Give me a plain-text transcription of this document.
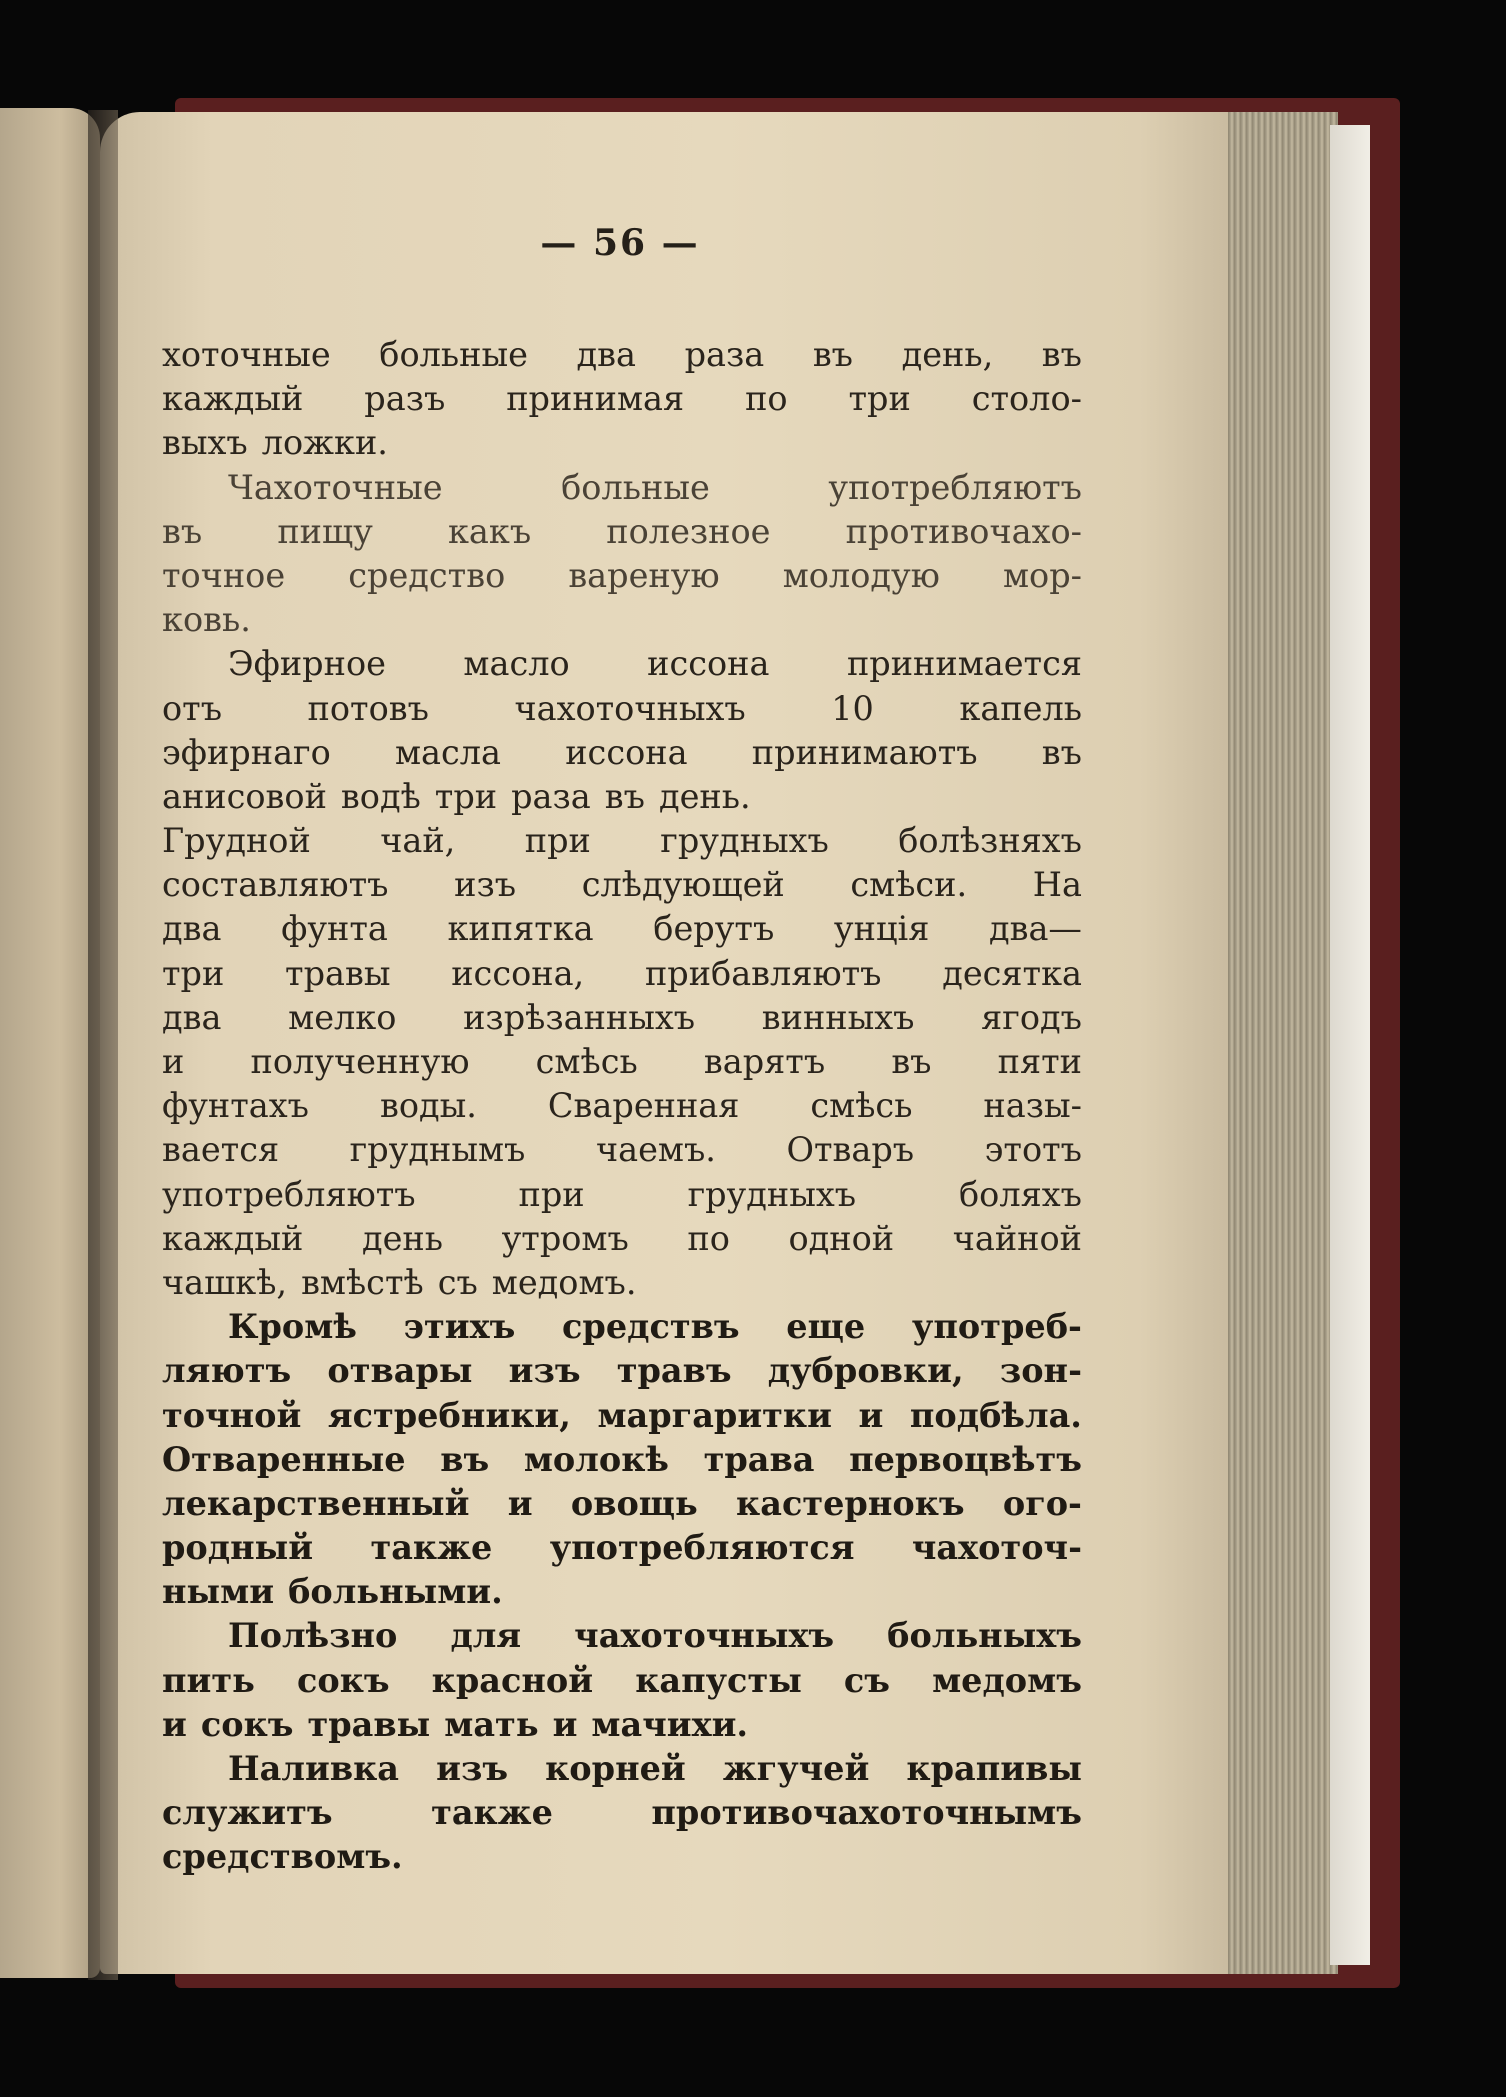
— 56 —
хоточные больные два раза въ день, въ
каждый разъ принимая по три столо-
выхъ ложки.
Чахоточные	больные	употребляютъ
въ пищу какъ полезное противочахо-
точное средство вареную молодую мор-
ковь.
Эфирное масло иссона принимается
отъ	потовъ	чахоточныхъ	10	капель
эфирнаго масла иссона принимаютъ въ
анисовой водѣ три раза въ день.
Грудной чай, при грудныхъ болѣзняхъ
составляютъ изъ слѣдующей смѣси. На
два фунта кипятка берутъ унція два—
три травы иссона, прибавляютъ десятка
два мелко изрѣзанныхъ винныхъ ягодъ
и полученную смѣсь варятъ въ пяти
фунтахъ воды. Сваренная смѣсь назы-
вается груднымъ чаемъ. Отваръ этотъ
употребляютъ	при	грудныхъ	боляхъ
каждый день утромъ по одной чайной
чашкѣ, вмѣстѣ съ медомъ.
Кромѣ этихъ средствъ еще употреб-
ляютъ отвары изъ травъ дубровки, зон-
точной ястребники, маргаритки и подбѣла.
Отваренные въ молокѣ трава первоцвѣтъ
лекарственный и овощь кастернокъ ого-
родный также употребляются чахоточ-
ными больными.
Полѣзно для чахоточныхъ больныхъ
пить сокъ красной капусты съ медомъ
и сокъ травы мать и мачихи.
Наливка изъ корней жгучей крапивы
служитъ	также	противочахоточнымъ
средствомъ.
